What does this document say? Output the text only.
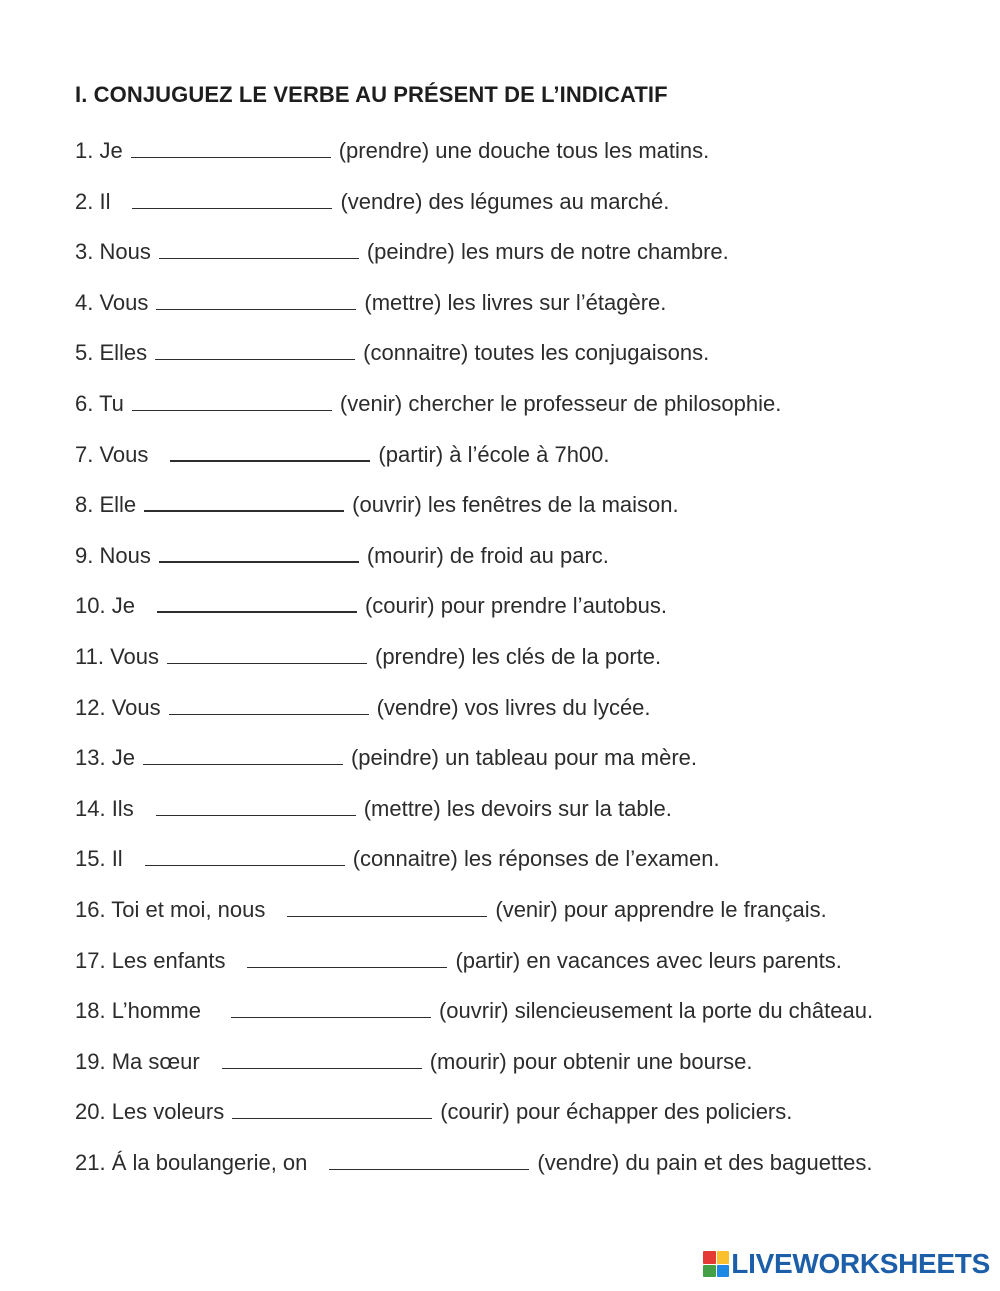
I. CONJUGUEZ LE VERBE AU PRÉSENT DE L’INDICATIF
1. Je	(prendre) une douche tous les matins.
2. Il	(vendre) des légumes au marché.
3. Nous	(peindre) les murs de notre chambre.
4. Vous	(mettre) les livres sur l’étagère.
5. Elles	(connaitre) toutes les conjugaisons.
6. Tu	(venir) chercher le professeur de philosophie.
7. Vous	(partir) à l’école à 7h00.
8. Elle	(ouvrir) les fenêtres de la maison.
9. Nous	(mourir) de froid au parc.
10. Je	(courir) pour prendre l’autobus.
11. Vous	(prendre) les clés de la porte.
12. Vous	(vendre) vos livres du lycée.
13. Je	(peindre) un tableau pour ma mère.
14. Ils	(mettre) les devoirs sur la table.
15. Il	(connaitre) les réponses de l’examen.
16. Toi et moi, nous	(venir) pour apprendre le français.
17. Les enfants	(partir) en vacances avec leurs parents.
18. L’homme	(ouvrir) silencieusement la porte du château.
19. Ma sœur	(mourir) pour obtenir une bourse.
20. Les voleurs	(courir) pour échapper des policiers.
21. Á la boulangerie, on	(vendre) du pain et des baguettes.
LIVEWORKSHEETS
